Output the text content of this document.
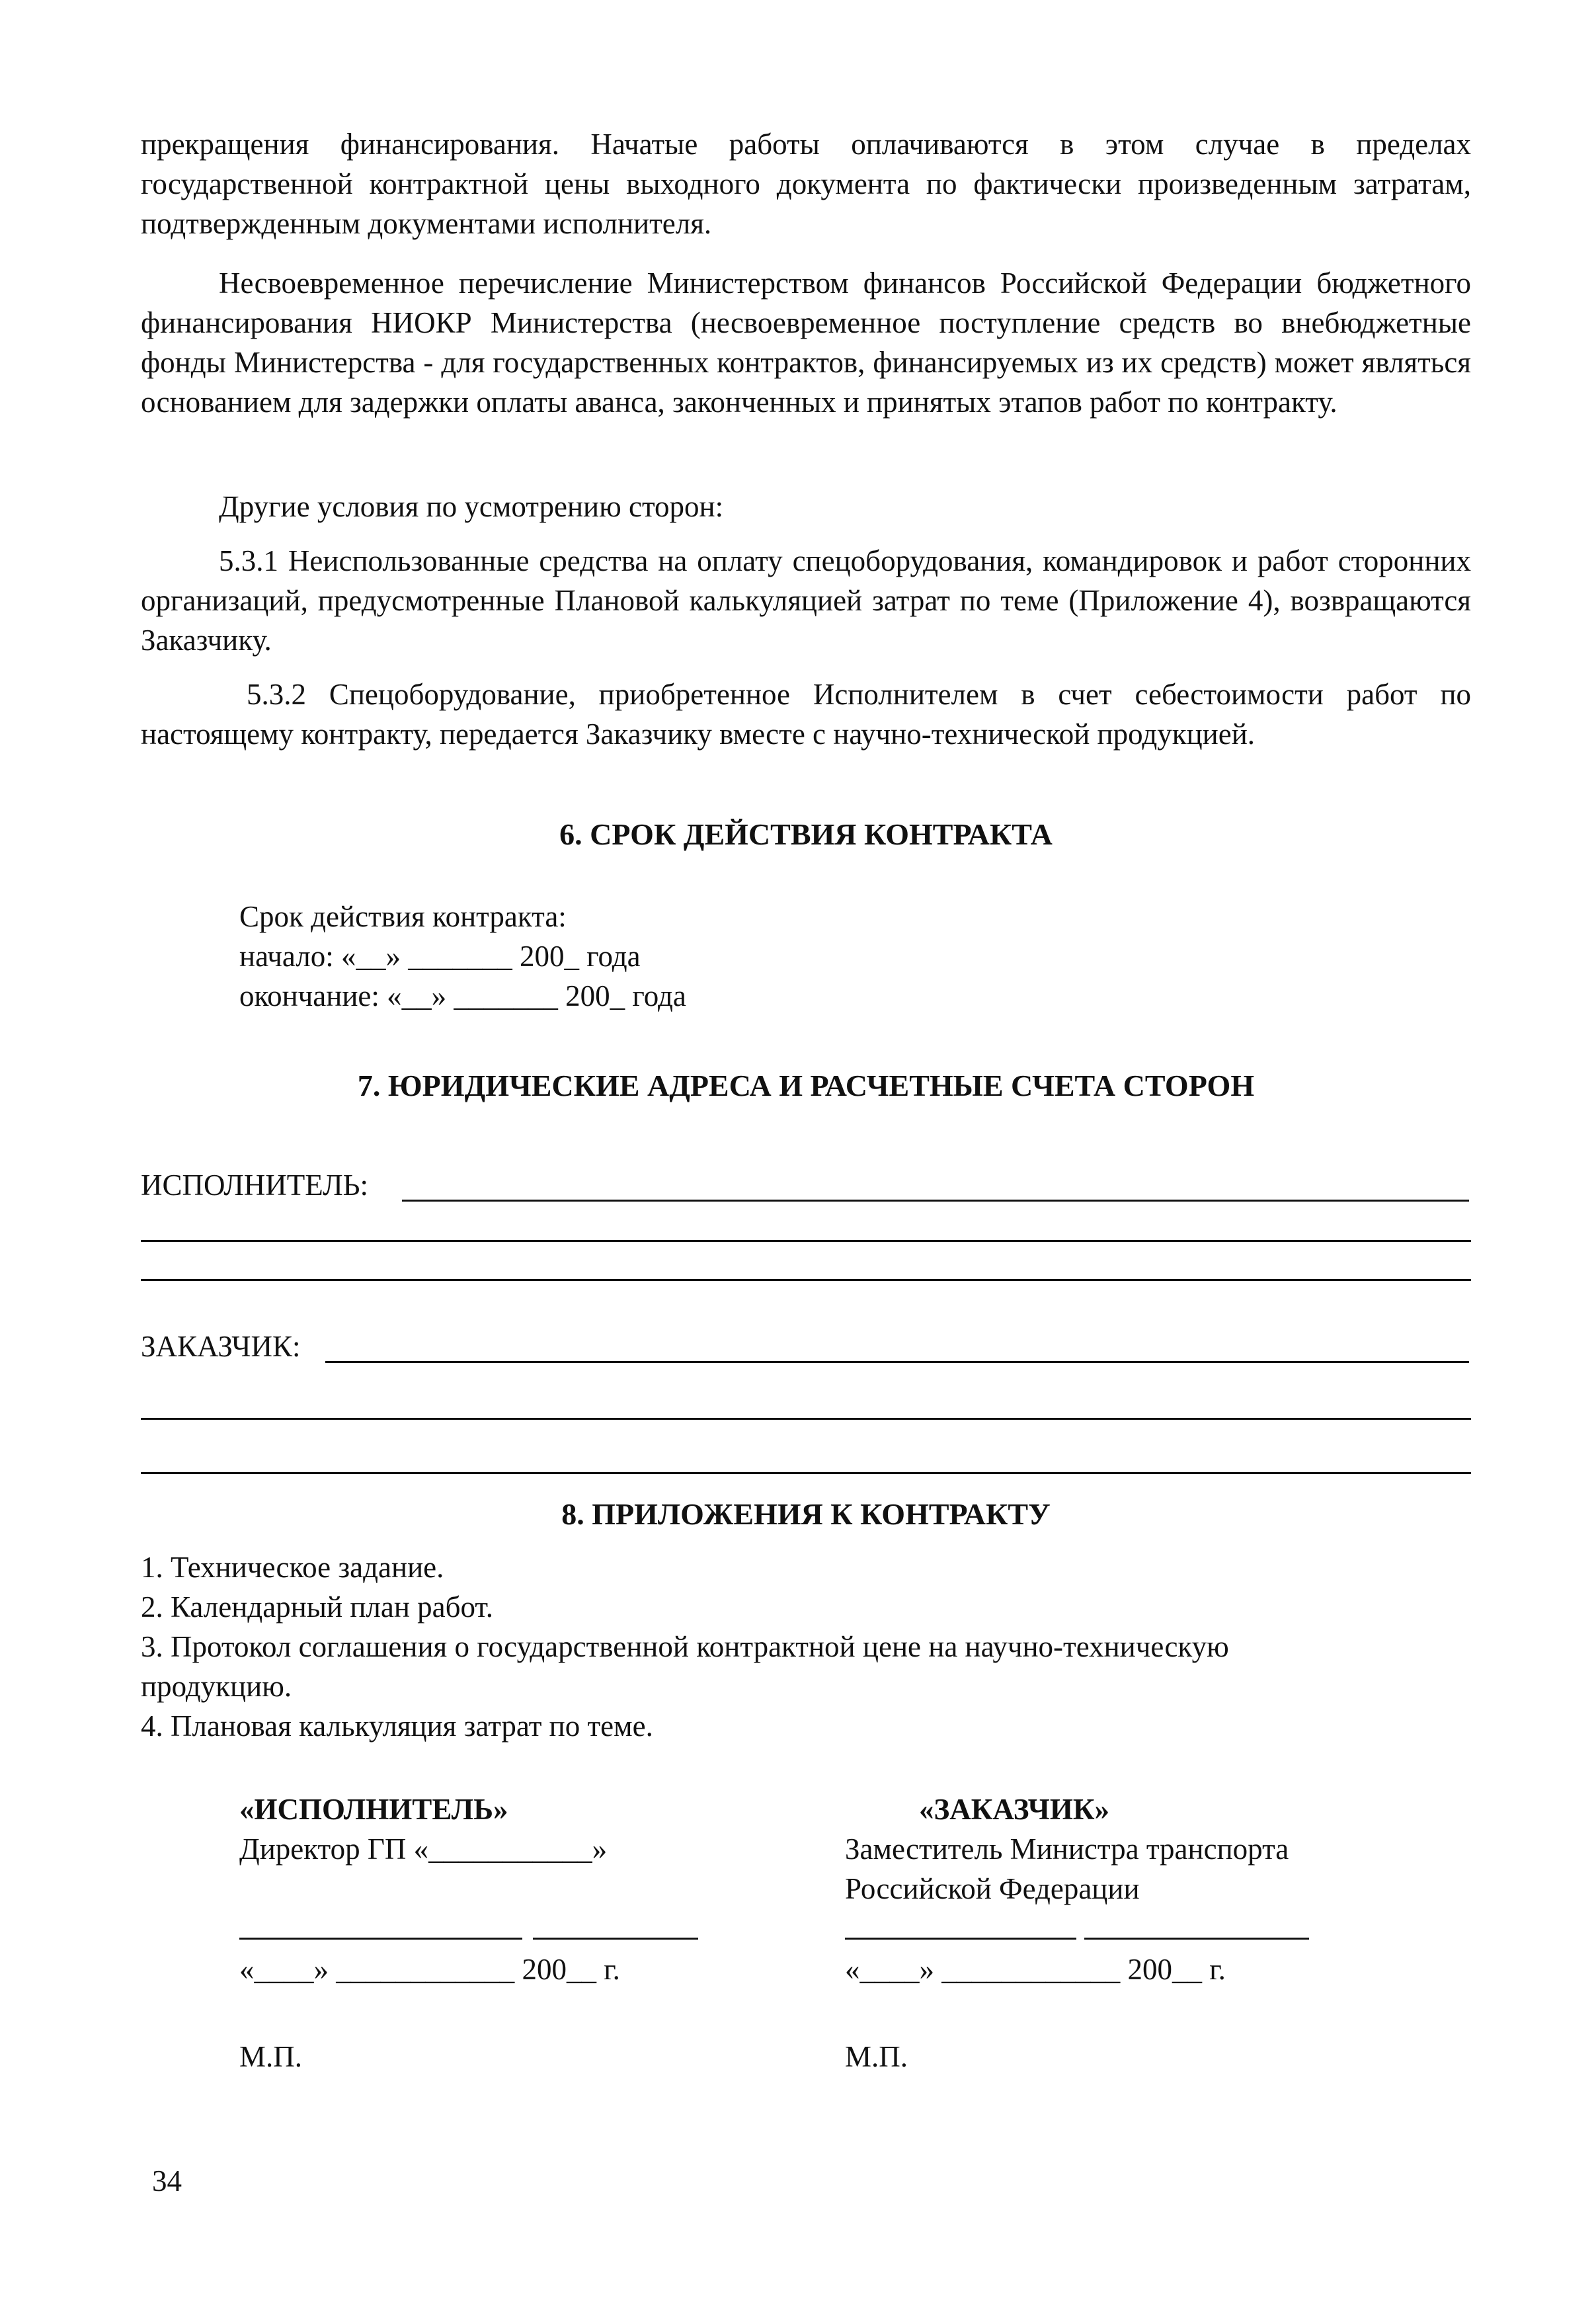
прекращения финансирования. Начатые работы оплачиваются в этом случае в пределах государственной контрактной цены выходного документа по фактически произведенным затратам, подтвержденным документами исполнителя.

Несвоевременное перечисление Министерством финансов Российской Федерации бюджетного финансирования НИОКР Министерства (несвоевременное поступление средств во внебюджетные фонды Министерства - для государственных контрактов, финансируемых из их средств) может являться основанием для задержки оплаты аванса, законченных и принятых этапов работ по контракту.

Другие условия по усмотрению сторон:

5.3.1 Неиспользованные средства на оплату спецоборудования, командировок и работ сторонних организаций, предусмотренные Плановой калькуляцией затрат по теме (Приложение 4), возвращаются Заказчику.

5.3.2 Спецоборудование, приобретенное Исполнителем в счет себестоимости работ по настоящему контракту, передается Заказчику вместе с научно-технической продукцией.

6. СРОК ДЕЙСТВИЯ КОНТРАКТА
Срок действия контракта:
начало: «__» _______ 200_ года
окончание: «__» _______ 200_ года
7. ЮРИДИЧЕСКИЕ АДРЕСА И РАСЧЕТНЫЕ СЧЕТА СТОРОН
ИСПОЛНИТЕЛЬ:
ЗАКАЗЧИК:
8. ПРИЛОЖЕНИЯ К КОНТРАКТУ
1. Техническое задание.
2. Календарный план работ.
3. Протокол соглашения о государственной контрактной цене на научно-техническую продукцию.
4. Плановая калькуляция затрат по теме.
«ИСПОЛНИТЕЛЬ»
Директор ГП «___________»
«____» ____________ 200__ г.
М.П.
«ЗАКАЗЧИК»
Заместитель Министра транспорта
Российской Федерации
«____» ____________ 200__ г.
М.П.
34
